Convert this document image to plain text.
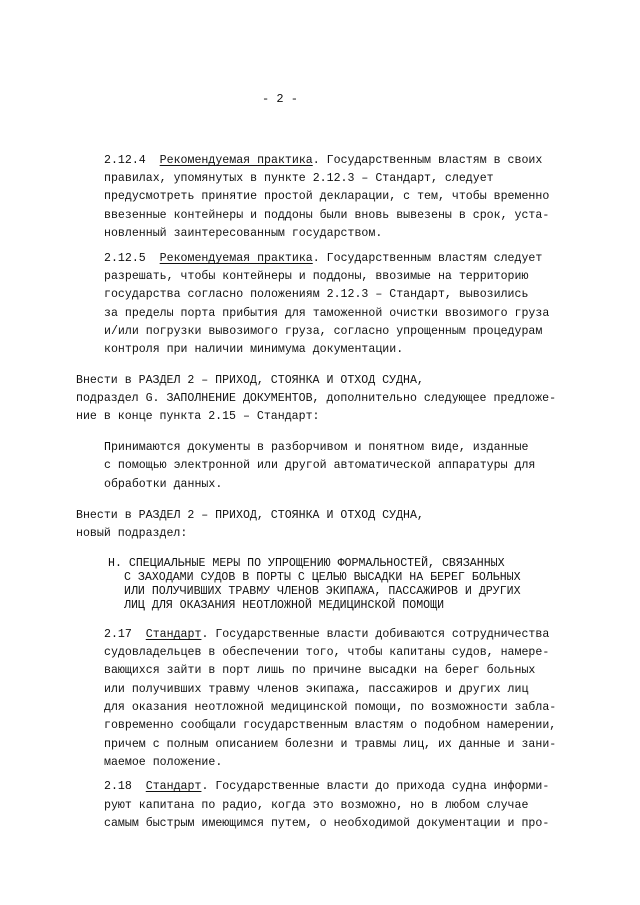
- 2 -
2.12.4 Рекомендуемая практика. Государственным властям в своих
правилах, упомянутых в пункте 2.12.3 – Стандарт, следует
предусмотреть принятие простой декларации, с тем, чтобы временно
ввезенные контейнеры и поддоны были вновь вывезены в срок, уста-
новленный заинтересованным государством.
2.12.5 Рекомендуемая практика. Государственным властям следует
разрешать, чтобы контейнеры и поддоны, ввозимые на территорию
государства согласно положениям 2.12.3 – Стандарт, вывозились
за пределы порта прибытия для таможенной очистки ввозимого груза
и/или погрузки вывозимого груза, согласно упрощенным процедурам
контроля при наличии минимума документации.
Внести в РАЗДЕЛ 2 – ПРИХОД, СТОЯНКА И ОТХОД СУДНА,
подраздел G. ЗАПОЛНЕНИЕ ДОКУМЕНТОВ, дополнительно следующее предложе-
ние в конце пункта 2.15 – Стандарт:
Принимаются документы в разборчивом и понятном виде, изданные
с помощью электронной или другой автоматической аппаратуры для
обработки данных.
Внести в РАЗДЕЛ 2 – ПРИХОД, СТОЯНКА И ОТХОД СУДНА,
новый подраздел:
H. СПЕЦИАЛЬНЫЕ МЕРЫ ПО УПРОЩЕНИЮ ФОРМАЛЬНОСТЕЙ, СВЯЗАННЫХ
С ЗАХОДАМИ СУДОВ В ПОРТЫ С ЦЕЛЬЮ ВЫСАДКИ НА БЕРЕГ БОЛЬНЫХ
ИЛИ ПОЛУЧИВШИХ ТРАВМУ ЧЛЕНОВ ЭКИПАЖА, ПАССАЖИРОВ И ДРУГИХ
ЛИЦ ДЛЯ ОКАЗАНИЯ НЕОТЛОЖНОЙ МЕДИЦИНСКОЙ ПОМОЩИ
2.17 Стандарт. Государственные власти добиваются сотрудничества
судовладельцев в обеспечении того, чтобы капитаны судов, намере-
вающихся зайти в порт лишь по причине высадки на берег больных
или получивших травму членов экипажа, пассажиров и других лиц
для оказания неотложной медицинской помощи, по возможности забла-
говременно сообщали государственным властям о подобном намерении,
причем с полным описанием болезни и травмы лиц, их данные и зани-
маемое положение.
2.18 Стандарт. Государственные власти до прихода судна информи-
руют капитана по радио, когда это возможно, но в любом случае
самым быстрым имеющимся путем, о необходимой документации и про-
